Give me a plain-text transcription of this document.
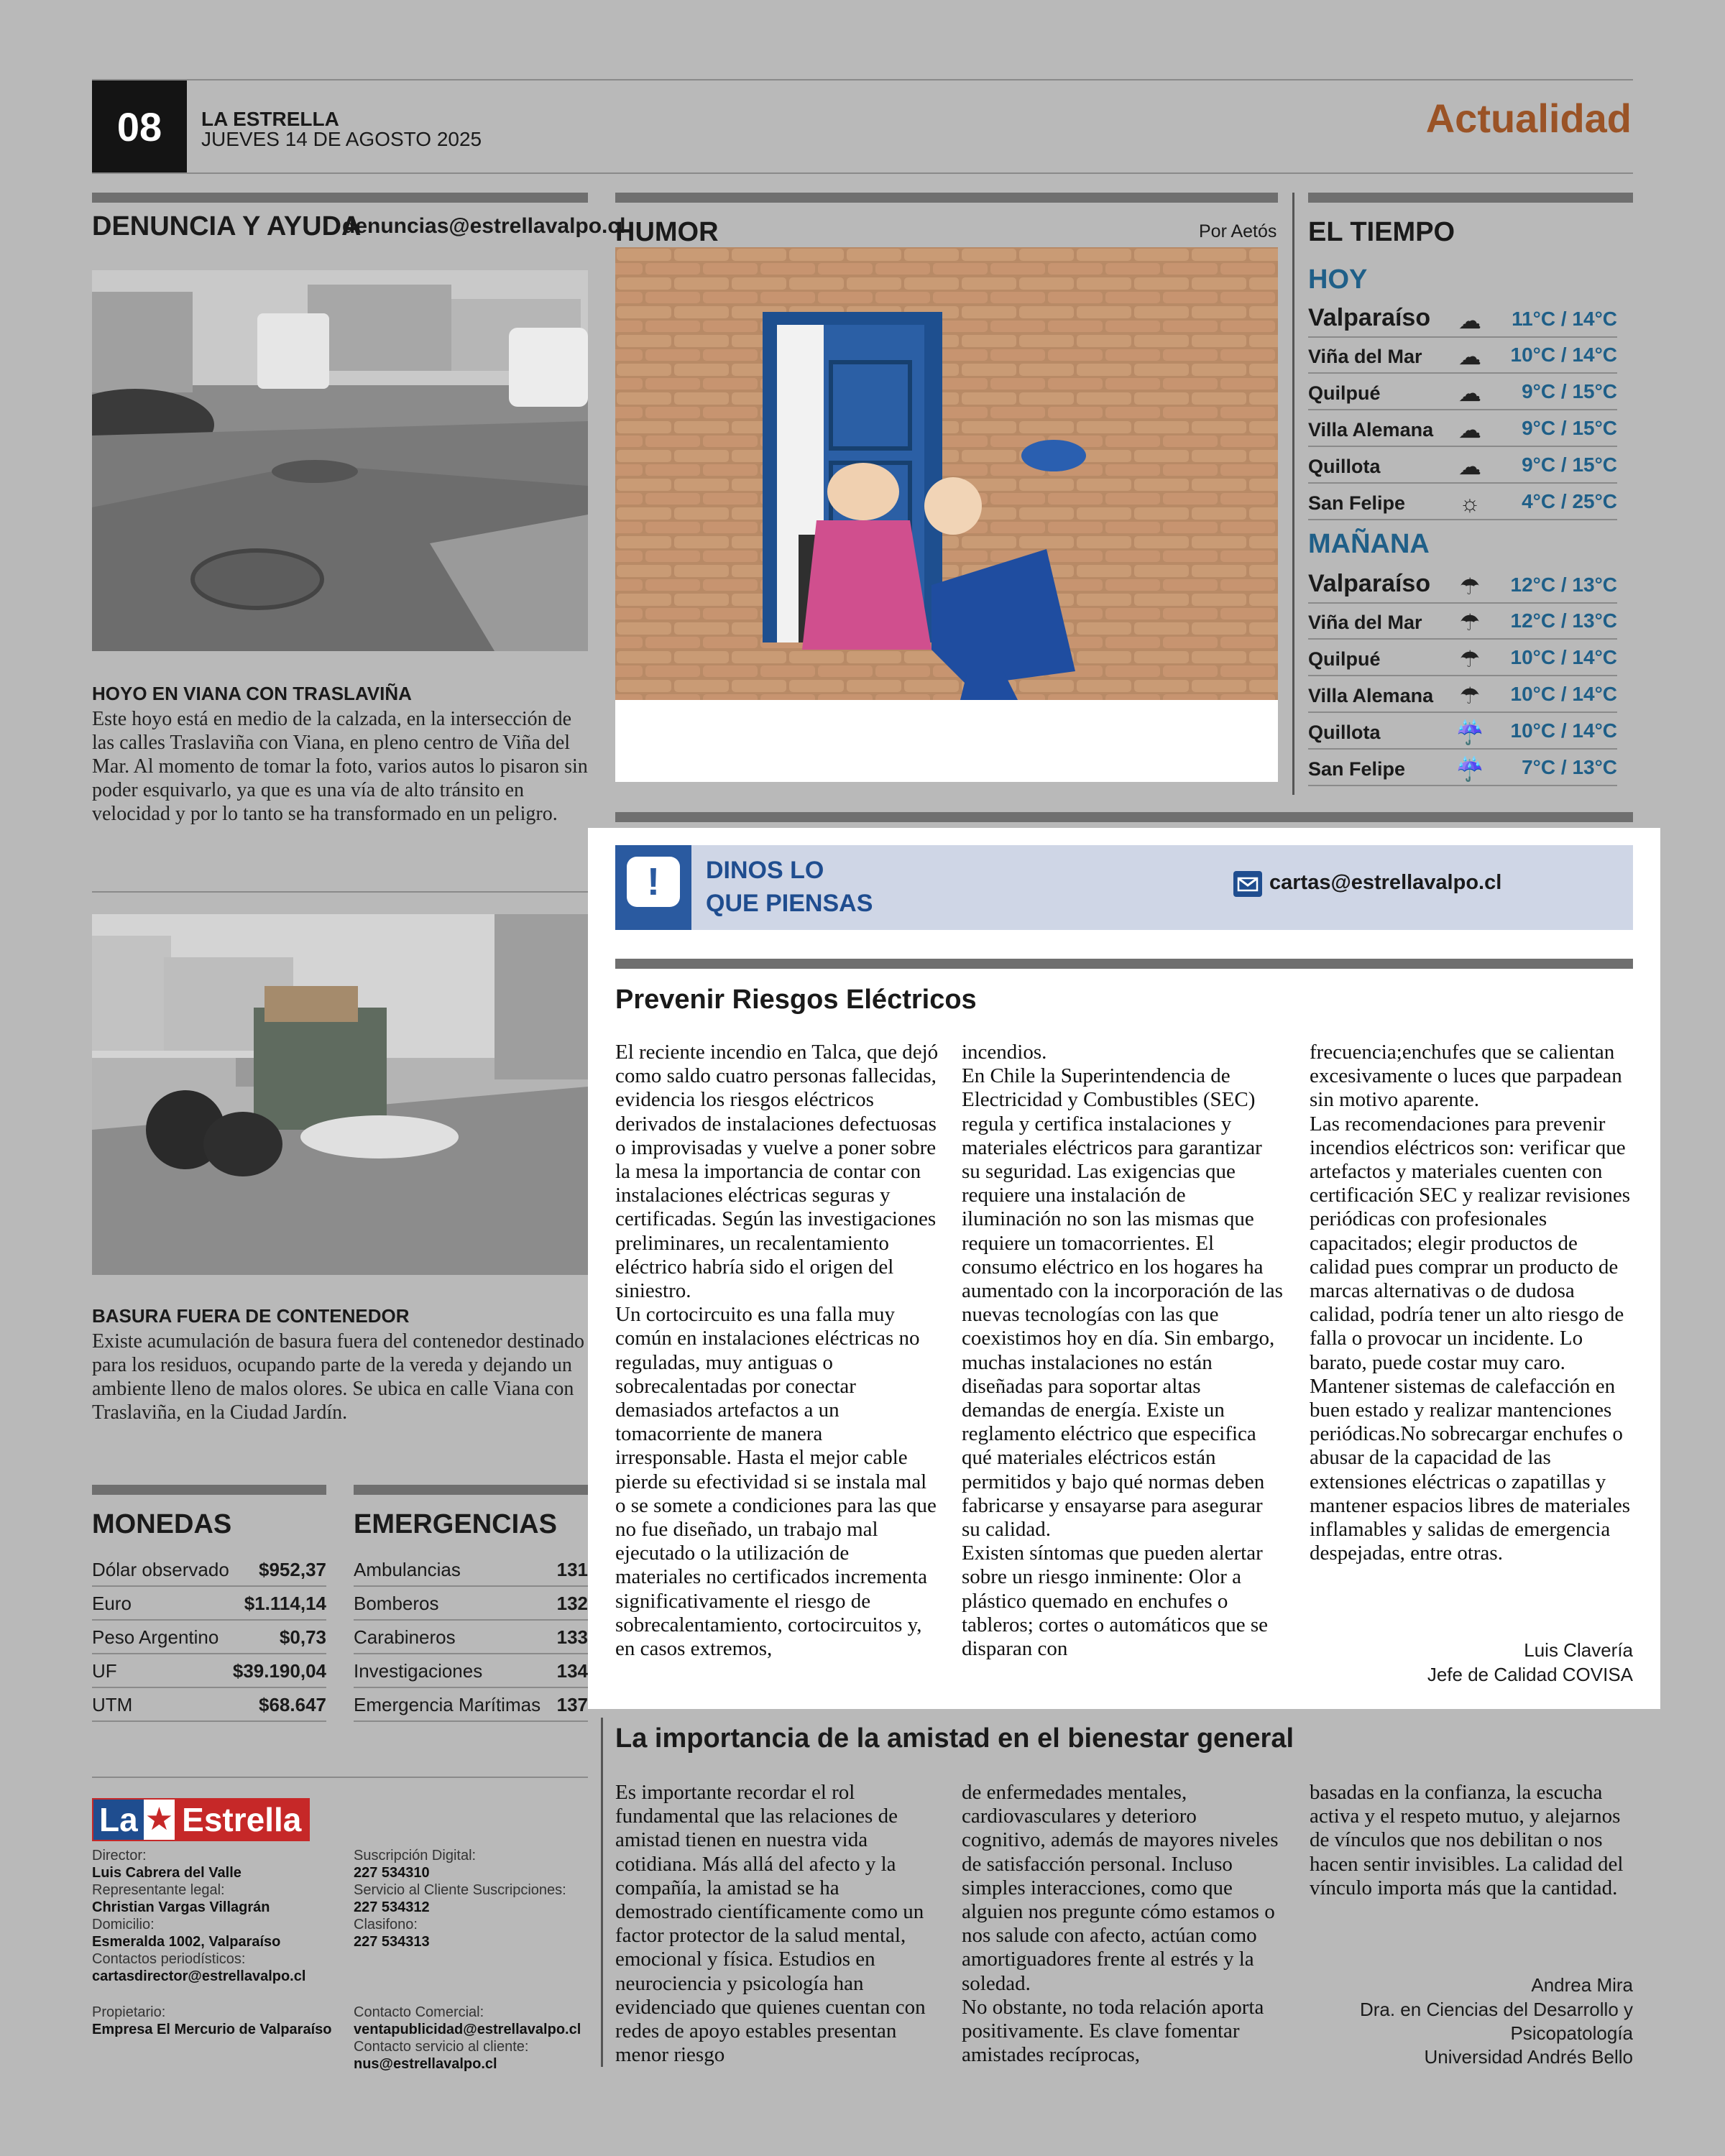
08	LA ESTRELLA
JUEVES 14 DE AGOSTO 2025	Actualidad
DENUNCIA Y AYUDA
denuncias@estrellavalpo.cl
HOYO EN VIANA CON TRASLAVIÑA
Este hoyo está en medio de la calzada, en la intersección de las calles Traslaviña con Viana, en pleno centro de Viña del Mar. Al momento de tomar la foto, varios autos lo pisaron sin poder esquivarlo, ya que es una vía de alto tránsito en velocidad y por lo tanto se ha transformado en un peligro.
BASURA FUERA DE CONTENEDOR
Existe acumulación de basura fuera del contenedor destinado para los residuos, ocupando parte de la vereda y dejando un ambiente lleno de malos olores. Se ubica en calle Viana con Traslaviña, en la Ciudad Jardín.
HUMOR	Por Aetós EL TIEMPO
HOY
Valparaíso ☁	11°C / 14°C
Viña del Mar ☁	10°C / 14°C
Quilpué	☁	9°C / 15°C
Villa Alemana ☁	9°C / 15°C
Quillota	☁	9°C / 15°C
San Felipe	☼	4°C / 25°C
MAÑANA
Valparaíso	☂	12°C / 13°C
Viña del Mar	☂	12°C / 13°C
Quilpué	☂	10°C / 14°C
Villa Alemana	☂	10°C / 14°C
Quillota	☔ 10°C / 14°C
San Felipe ☔ 7°C / 13°C
!	DINOS LO
QUE PIENSAS
cartas@estrellavalpo.cl
Prevenir Riesgos Eléctricos
El reciente incendio en Talca, que dejó como saldo cuatro personas fallecidas, evidencia los riesgos eléctricos derivados de instalaciones defectuosas o improvisadas y vuelve a poner sobre la mesa la importancia de contar con instalaciones eléctricas seguras y certificadas. Según las investigaciones preliminares, un recalentamiento eléctrico habría sido el origen del siniestro.
Un cortocircuito es una falla muy común en instalaciones eléctricas no reguladas, muy antiguas o sobrecalentadas por conectar demasiados artefactos a un tomacorriente de manera irresponsable. Hasta el mejor cable pierde su efectividad si se instala mal o se somete a condiciones para las que no fue diseñado, un trabajo mal ejecutado o la utilización de materiales no certificados incrementa significativamente el riesgo de sobrecalentamiento, cortocircuitos y, en casos extremos,
incendios.
En Chile la Superintendencia de Electricidad y Combustibles (SEC) regula y certifica instalaciones y materiales eléctricos para garantizar su seguridad. Las exigencias que requiere una instalación de iluminación no son las mismas que requiere un tomacorrientes. El consumo eléctrico en los hogares ha aumentado con la incorporación de las nuevas tecnologías con las que coexistimos hoy en día. Sin embargo, muchas instalaciones no están diseñadas para soportar altas demandas de energía. Existe un reglamento eléctrico que especifica qué materiales eléctricos están permitidos y bajo qué normas deben fabricarse y ensayarse para asegurar su calidad.
Existen síntomas que pueden alertar sobre un riesgo inminente: Olor a plástico quemado en enchufes o tableros; cortes o automáticos que se disparan con
frecuencia;enchufes que se calientan excesivamente o luces que parpadean sin motivo aparente.
Las recomendaciones para prevenir incendios eléctricos son: verificar que artefactos y materiales cuenten con certificación SEC y realizar revisiones periódicas con profesionales capacitados; elegir productos de calidad pues comprar un producto de marcas alternativas o de dudosa calidad, podría tener un alto riesgo de falla o provocar un incidente. Lo barato, puede costar muy caro. Mantener sistemas de calefacción en buen estado y realizar mantenciones periódicas.No sobrecargar enchufes o abusar de la capacidad de las extensiones eléctricas o zapatillas y mantener espacios libres de materiales inflamables y salidas de emergencia despejadas, entre otras.
Luis Clavería
Jefe de Calidad COVISA
La importancia de la amistad en el bienestar general
Es importante recordar el rol fundamental que las relaciones de amistad tienen en nuestra vida cotidiana. Más allá del afecto y la compañía, la amistad se ha demostrado científicamente como un factor protector de la salud mental, emocional y física. Estudios en neurociencia y psicología han evidenciado que quienes cuentan con redes de apoyo estables presentan menor riesgo
de enfermedades mentales, cardiovasculares y deterioro cognitivo, además de mayores niveles de satisfacción personal. Incluso simples interacciones, como que alguien nos pregunte cómo estamos o nos salude con afecto, actúan como amortiguadores frente al estrés y la soledad.
No obstante, no toda relación aporta positivamente. Es clave fomentar amistades recíprocas,
basadas en la confianza, la escucha activa y el respeto mutuo, y alejarnos de vínculos que nos debilitan o nos hacen sentir invisibles. La calidad del vínculo importa más que la cantidad.
Andrea Mira
Dra. en Ciencias del Desarrollo y
Psicopatología
Universidad Andrés Bello
MONEDAS
Dólar observado $952,37
Euro	$1.114,14
Peso Argentino	$0,73
UF	$39.190,04
UTM	$68.647
EMERGENCIAS
Ambulancias	131
Bomberos	132
Carabineros	133
Investigaciones	134
Emergencia Marítimas 137
La ★ Estrella
Director:
Luis Cabrera del Valle
Representante legal:
Christian Vargas Villagrán
Domicilio:
Esmeralda 1002, Valparaíso
Contactos periodísticos:
cartasdirector@estrellavalpo.cl
Propietario:
Empresa El Mercurio de Valparaíso
Suscripción Digital:
227 534310
Servicio al Cliente Suscripciones:
227 534312
Clasifono:
227 534313
Contacto Comercial:
ventapublicidad@estrellavalpo.cl
Contacto servicio al cliente:
nus@estrellavalpo.cl
